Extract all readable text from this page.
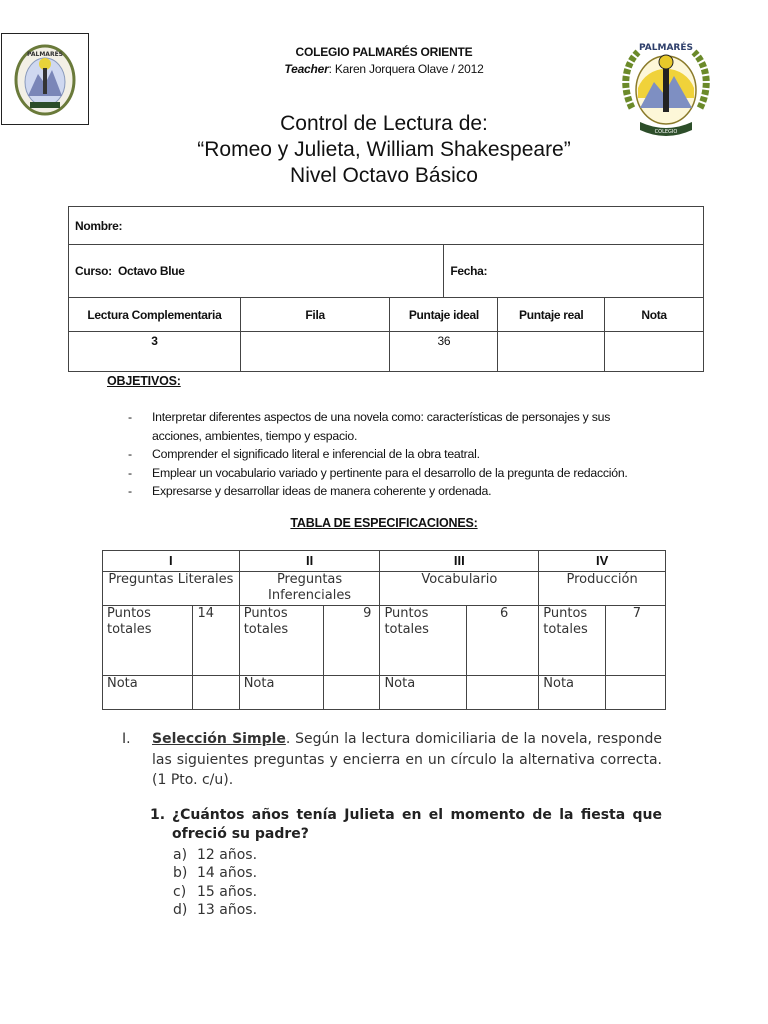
PALMARÉS
PALMARÉS
COLEGIO
COLEGIO PALMARÉS ORIENTE
Teacher: Karen Jorquera Olave / 2012
Control de Lectura de:
“Romeo y Julieta, William Shakespeare”
Nivel Octavo Básico
Nombre:					
Curso: Octavo Blue			Fecha:		
Lectura Complementaria	Fila	Puntaje ideal		Puntaje real	Nota
3		36			
OBJETIVOS:
- Interpretar diferentes aspectos de una novela como: características de personajes y sus acciones, ambientes, tiempo y espacio.
- Comprender el significado literal e inferencial de la obra teatral.
- Emplear un vocabulario variado y pertinente para el desarrollo de la pregunta de redacción.
- Expresarse y desarrollar ideas de manera coherente y ordenada.
TABLA DE ESPECIFICACIONES:
I		II		III		IV	
Preguntas Literales		Preguntas Inferenciales		Vocabulario		Producción	
Puntos totales	14	Puntos totales	9	Puntos totales	6	Puntos totales	7
Nota		Nota		Nota		Nota	
I. Selección Simple. Según la lectura domiciliaria de la novela, responde las siguientes preguntas y encierra en un círculo la alternativa correcta. (1 Pto. c/u).
1. ¿Cuántos años tenía Julieta en el momento de la fiesta que ofreció su padre?
a) 12 años.
b) 14 años.
c) 15 años.
d) 13 años.
